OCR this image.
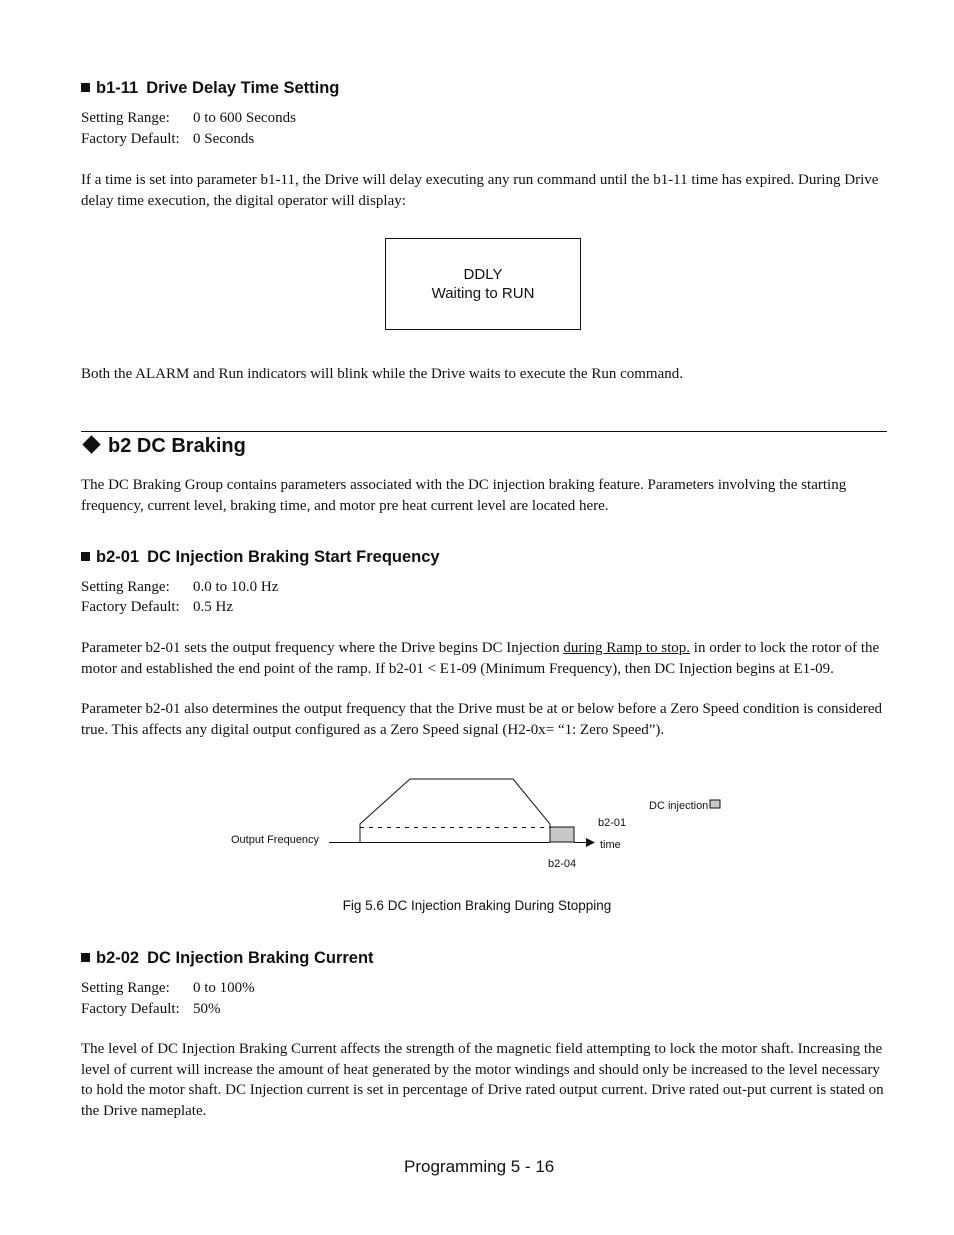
b1-11 Drive Delay Time Setting
Setting Range: 0 to 600 Seconds
Factory Default: 0 Seconds
If a time is set into parameter b1-11, the Drive will delay executing any run command until the b1-11 time has expired. During Drive delay time execution, the digital operator will display:
DDLY
Waiting to RUN
Both the ALARM and Run indicators will blink while the Drive waits to execute the Run command.
b2 DC Braking
The DC Braking Group contains parameters associated with the DC injection braking feature. Parameters involving the starting frequency, current level, braking time, and motor pre heat current level are located here.
b2-01 DC Injection Braking Start Frequency
Setting Range: 0.0 to 10.0 Hz
Factory Default: 0.5 Hz
Parameter b2-01 sets the output frequency where the Drive begins DC Injection during Ramp to stop. in order to lock the rotor of the motor and established the end point of the ramp. If b2-01 < E1-09 (Minimum Frequency), then DC Injection begins at E1-09.
Parameter b2-01 also determines the output frequency that the Drive must be at or below before a Zero Speed condition is considered true. This affects any digital output configured as a Zero Speed signal (H2-0x= “1: Zero Speed”).
Output Frequency
DC injection
b2-01
time
b2-04
Fig 5.6 DC Injection Braking During Stopping
b2-02 DC Injection Braking Current
Setting Range: 0 to 100%
Factory Default: 50%
The level of DC Injection Braking Current affects the strength of the magnetic field attempting to lock the motor shaft. Increasing the level of current will increase the amount of heat generated by the motor windings and should only be increased to the level necessary to hold the motor shaft. DC Injection current is set in percentage of Drive rated output current. Drive rated out-put current is stated on the Drive nameplate.
Programming 5 - 16
